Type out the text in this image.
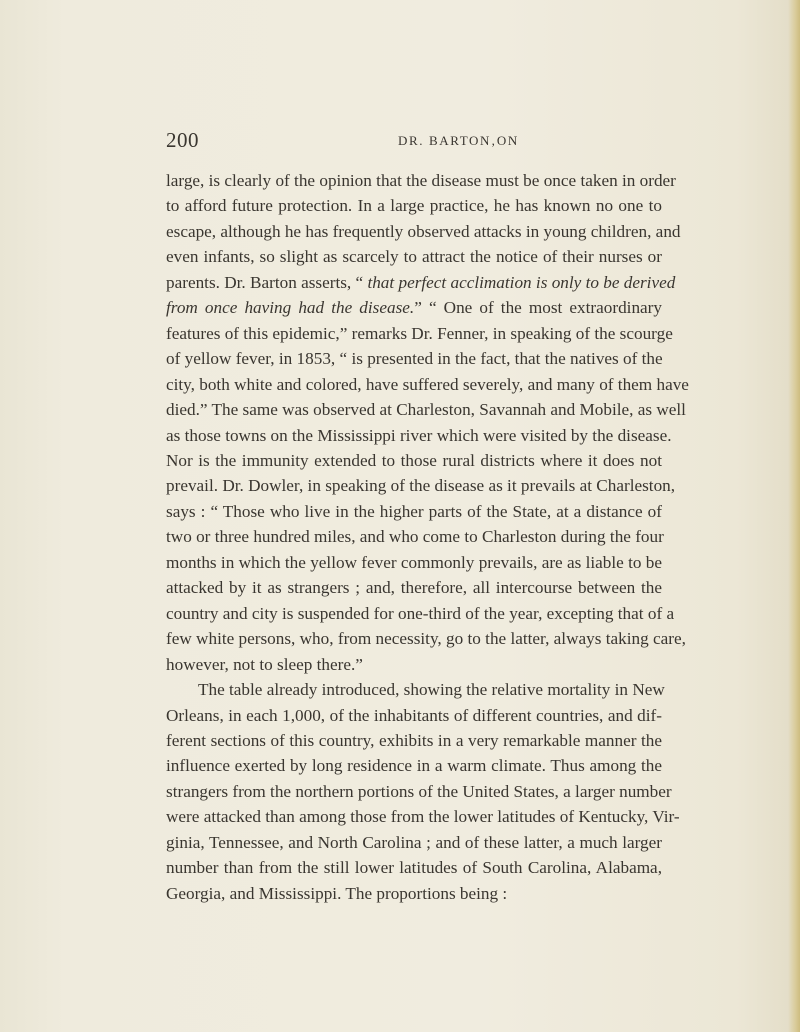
200	DR. BARTON‚ON
large, is clearly of the opinion that the disease must be once taken in order
to afford future protection. In a large practice, he has known no one to
escape, although he has frequently observed attacks in young children, and
even infants, so slight as scarcely to attract the notice of their nurses or
parents. Dr. Barton asserts, “ that perfect acclimation is only to be derived
from once having had the disease.” “ One of the most extraordinary
features of this epidemic,” remarks Dr. Fenner, in speaking of the scourge
of yellow fever, in 1853, “ is presented in the fact, that the natives of the
city, both white and colored, have suffered severely, and many of them have
died.” The same was observed at Charleston, Savannah and Mobile, as well
as those towns on the Mississippi river which were visited by the disease.
Nor is the immunity extended to those rural districts where it does not
prevail. Dr. Dowler, in speaking of the disease as it prevails at Charleston,
says : “ Those who live in the higher parts of the State, at a distance of
two or three hundred miles, and who come to Charleston during the four
months in which the yellow fever commonly prevails, are as liable to be
attacked by it as strangers ; and, therefore, all intercourse between the
country and city is suspended for one-third of the year, excepting that of a
few white persons, who, from necessity, go to the latter, always taking care,
however, not to sleep there.”
The table already introduced, showing the relative mortality in New
Orleans, in each 1,000, of the inhabitants of different countries, and dif-
ferent sections of this country, exhibits in a very remarkable manner the
influence exerted by long residence in a warm climate. Thus among the
strangers from the northern portions of the United States, a larger number
were attacked than among those from the lower latitudes of Kentucky, Vir-
ginia, Tennessee, and North Carolina ; and of these latter, a much larger
number than from the still lower latitudes of South Carolina, Alabama,
Georgia, and Mississippi. The proportions being :
